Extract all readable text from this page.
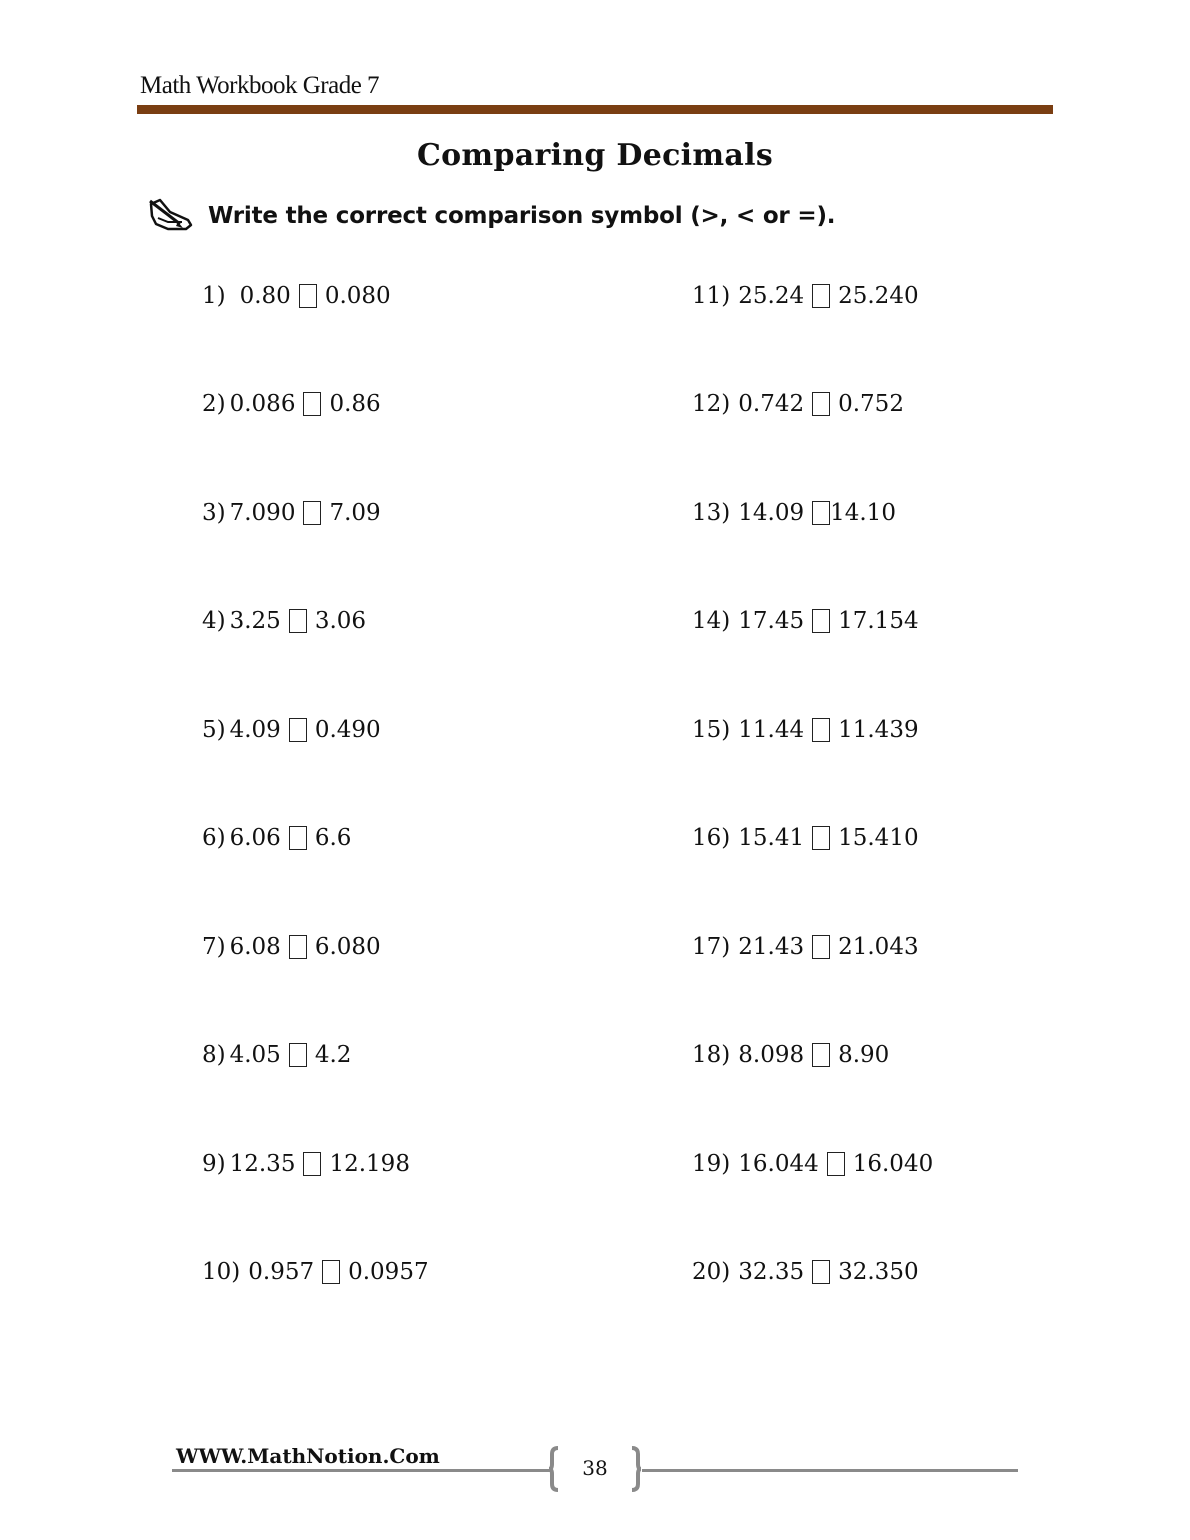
Math Workbook Grade 7
Comparing Decimals
Write the correct comparison symbol (>, < or =).
1) 0.80 0.080
2) 0.086 0.86
3) 7.090 7.09
4) 3.25 3.06
5) 4.09 0.490
6) 6.06 6.6
7) 6.08 6.080
8) 4.05 4.2
9) 12.35 12.198
10) 0.957 0.0957
11) 25.24 25.240
12) 0.742 0.752
13) 14.09 14.10
14) 17.45 17.154
15) 11.44 11.439
16) 15.41 15.410
17) 21.43 21.043
18) 8.098 8.90
19) 16.044 16.040
20) 32.35 32.350
WWW.MathNotion.Com	38
